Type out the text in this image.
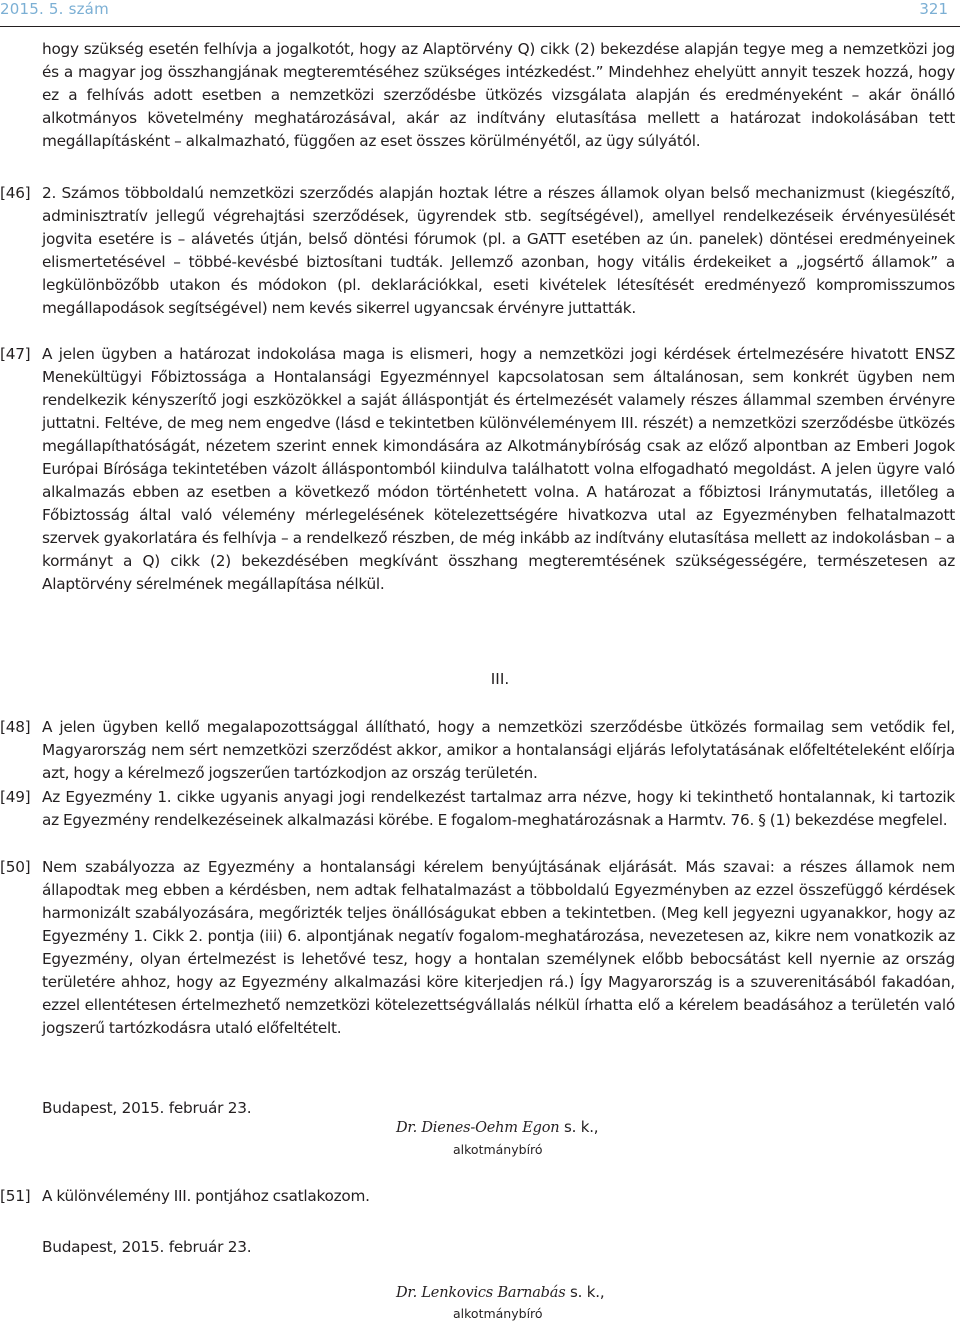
2015. 5. szám	321
hogy szükség esetén felhívja a jogalkotót, hogy az Alaptörvény Q) cikk (2) bekezdése alapján tegye meg a nemzetközi jog és a magyar jog összhangjának megteremtéséhez szükséges intézkedést.” Mindehhez ehelyütt annyit teszek hozzá, hogy ez a felhívás adott esetben a nemzetközi szerződésbe ütközés vizsgálata alapján és eredményeként – akár önálló alkotmányos követelmény meghatározásával, akár az indítvány elutasítása mellett a határozat indokolásában tett megállapításként – alkalmazható, függően az eset összes körülményétől, az ügy súlyától.
[46] 2. Számos többoldalú nemzetközi szerződés alapján hoztak létre a részes államok olyan belső mechanizmust (kiegészítő, adminisztratív jellegű végrehajtási szerződések, ügyrendek stb. segítségével), amellyel rendelkezéseik érvényesülését jogvita esetére is – alávetés útján, belső döntési fórumok (pl. a GATT esetében az ún. panelek) döntései eredményeinek elismertetésével – többé-kevésbé biztosítani tudták. Jellemző azonban, hogy vitális érdekeiket a „jogsértő államok” a legkülönbözőbb utakon és módokon (pl. deklarációkkal, eseti kivételek létesítését eredményező kompromisszumos megállapodások segítségével) nem kevés sikerrel ugyancsak érvényre juttatták.
[47] A jelen ügyben a határozat indokolása maga is elismeri, hogy a nemzetközi jogi kérdések értelmezésére hivatott ENSZ Menekültügyi Főbiztossága a Hontalansági Egyezménnyel kapcsolatosan sem általánosan, sem konkrét ügyben nem rendelkezik kényszerítő jogi eszközökkel a saját álláspontját és értelmezését valamely részes állammal szemben érvényre juttatni. Feltéve, de meg nem engedve (lásd e tekintetben különvéleményem III. részét) a nemzetközi szerződésbe ütközés megállapíthatóságát, nézetem szerint ennek kimondására az Alkotmánybíróság csak az előző alpontban az Emberi Jogok Európai Bírósága tekintetében vázolt álláspontomból kiindulva találhatott volna elfogadható megoldást. A jelen ügyre való alkalmazás ebben az esetben a következő módon történhetett volna. A határozat a főbiztosi Iránymutatás, illetőleg a Főbiztosság által való vélemény mérlegelésének kötelezettségére hivatkozva utal az Egyezményben felhatalmazott szervek gyakorlatára és felhívja – a rendelkező részben, de még inkább az indítvány elutasítása mellett az indokolásban – a kormányt a Q) cikk (2) bekezdésében megkívánt összhang megteremtésének szükségességére, természetesen az Alaptörvény sérelmének megállapítása nélkül.
III.
[48] A jelen ügyben kellő megalapozottsággal állítható, hogy a nemzetközi szerződésbe ütközés formailag sem vetődik fel, Magyarország nem sért nemzetközi szerződést akkor, amikor a hontalansági eljárás lefolytatásának előfeltételeként előírja azt, hogy a kérelmező jogszerűen tartózkodjon az ország területén.
[49] Az Egyezmény 1. cikke ugyanis anyagi jogi rendelkezést tartalmaz arra nézve, hogy ki tekinthető hontalannak, ki tartozik az Egyezmény rendelkezéseinek alkalmazási körébe. E fogalom-meghatározásnak a Harmtv. 76. § (1) bekezdése megfelel.
[50] Nem szabályozza az Egyezmény a hontalansági kérelem benyújtásának eljárását. Más szavai: a részes államok nem állapodtak meg ebben a kérdésben, nem adtak felhatalmazást a többoldalú Egyezményben az ezzel összefüggő kérdések harmonizált szabályozására, megőrizték teljes önállóságukat ebben a tekintetben. (Meg kell jegyezni ugyanakkor, hogy az Egyezmény 1. Cikk 2. pontja (iii) 6. alpontjának negatív fogalom-meghatározása, nevezetesen az, kikre nem vonatkozik az Egyezmény, olyan értelmezést is lehetővé tesz, hogy a hontalan személynek előbb bebocsátást kell nyernie az ország területére ahhoz, hogy az Egyezmény alkalmazási köre kiterjedjen rá.) Így Magyarország is a szuverenitásából fakadóan, ezzel ellentétesen értelmezhető nemzetközi kötelezettségvállalás nélkül írhatta elő a kérelem beadásához a területén való jogszerű tartózkodásra utaló előfeltételt.
Budapest, 2015. február 23.
Dr. Dienes-Oehm Egon s. k.,
alkotmánybíró
[51] A különvélemény III. pontjához csatlakozom.
Budapest, 2015. február 23.
Dr. Lenkovics Barnabás s. k.,
alkotmánybíró
